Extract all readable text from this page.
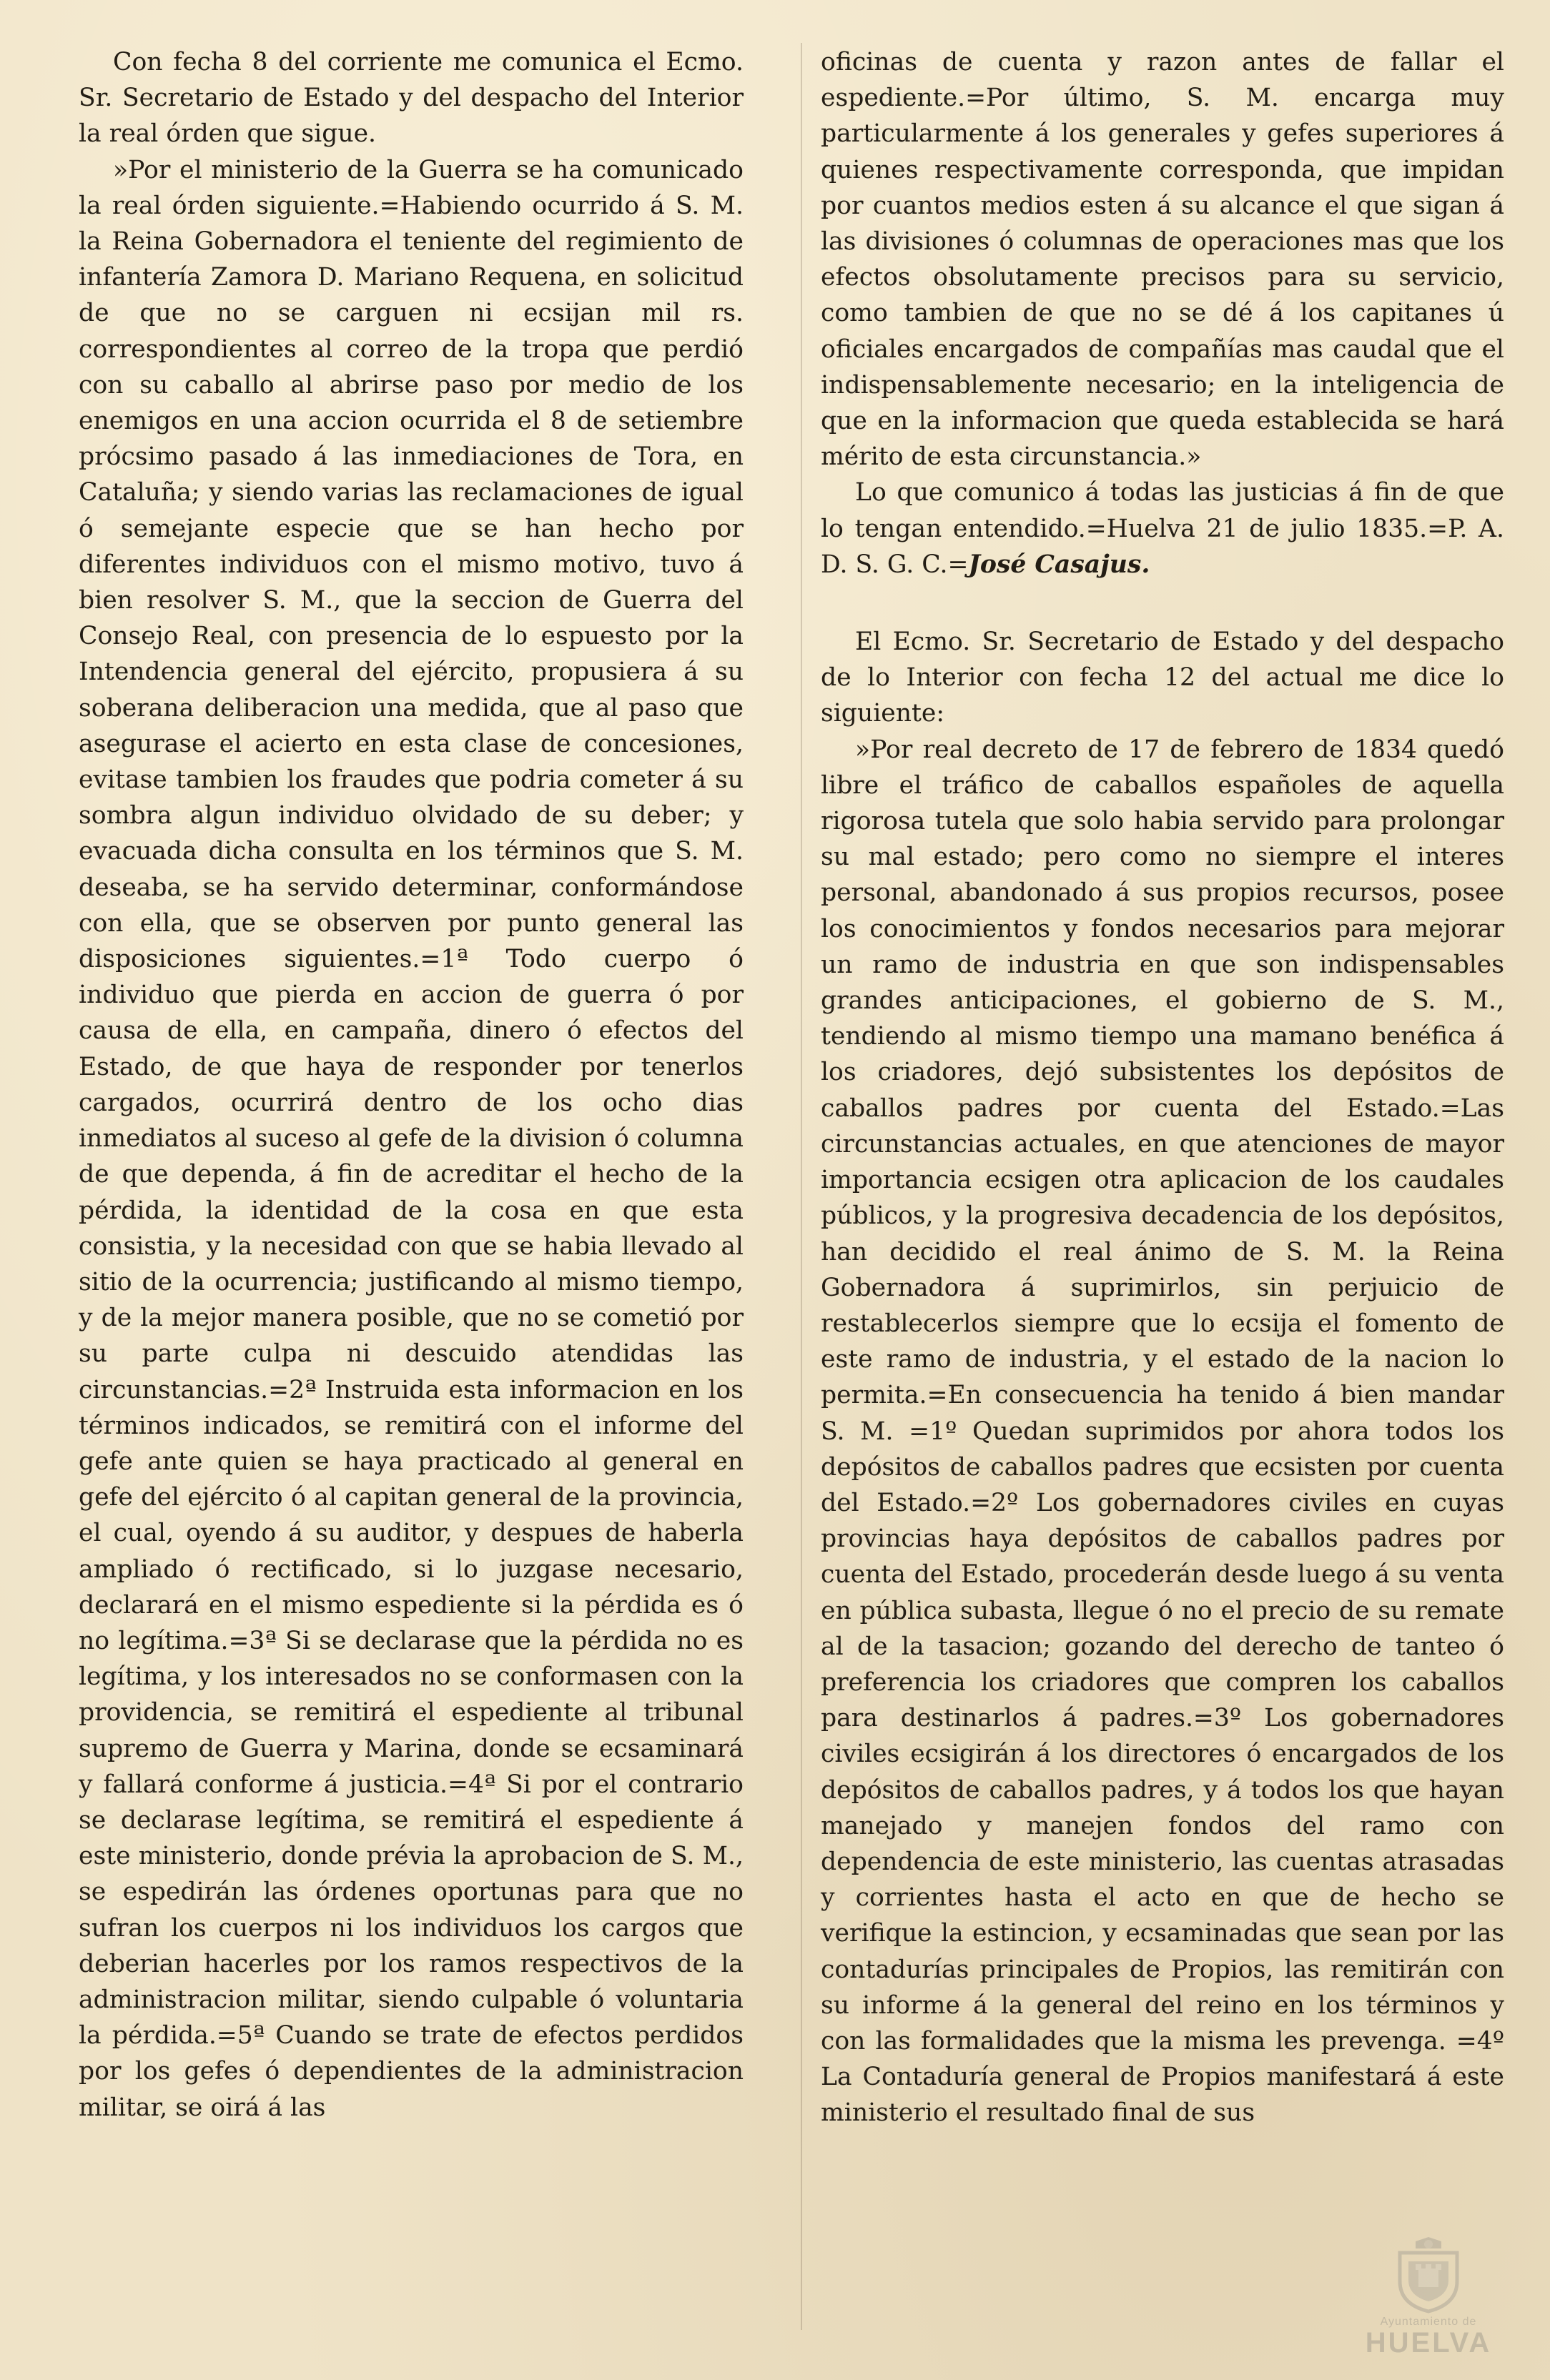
Con fecha 8 del corriente me comunica el Ecmo. Sr. Secretario de Estado y del despacho del Interior la real órden que sigue.

»Por el ministerio de la Guerra se ha comunicado la real órden siguiente.=Habiendo ocurrido á S. M. la Reina Gobernadora el teniente del regimiento de infantería Zamora D. Mariano Requena, en solicitud de que no se carguen ni ecsijan mil rs. correspondientes al correo de la tropa que perdió con su caballo al abrirse paso por medio de los enemigos en una accion ocurrida el 8 de setiembre prócsimo pasado á las inmediaciones de Tora, en Cataluña; y siendo varias las reclamaciones de igual ó semejante especie que se han hecho por diferentes individuos con el mismo motivo, tuvo á bien resolver S. M., que la seccion de Guerra del Consejo Real, con presencia de lo espuesto por la Intendencia general del ejército, propusiera á su soberana deliberacion una medida, que al paso que asegurase el acierto en esta clase de concesiones, evitase tambien los fraudes que podria cometer á su sombra algun individuo olvidado de su deber; y evacuada dicha consulta en los términos que S. M. deseaba, se ha servido determinar, conformándose con ella, que se observen por punto general las disposiciones siguientes.=1ª Todo cuerpo ó individuo que pierda en accion de guerra ó por causa de ella, en campaña, dinero ó efectos del Estado, de que haya de responder por tenerlos cargados, ocurrirá dentro de los ocho dias inmediatos al suceso al gefe de la division ó columna de que dependa, á fin de acreditar el hecho de la pérdida, la identidad de la cosa en que esta consistia, y la necesidad con que se habia llevado al sitio de la ocurrencia; justificando al mismo tiempo, y de la mejor manera posible, que no se cometió por su parte culpa ni descuido atendidas las circunstancias.=2ª Instruida esta informacion en los términos indicados, se remitirá con el informe del gefe ante quien se haya practicado al general en gefe del ejército ó al capitan general de la provincia, el cual, oyendo á su auditor, y despues de haberla ampliado ó rectificado, si lo juzgase necesario, declarará en el mismo espediente si la pérdida es ó no legítima.=3ª Si se declarase que la pérdida no es legítima, y los interesados no se conformasen con la providencia, se remitirá el espediente al tribunal supremo de Guerra y Marina, donde se ecsaminará y fallará conforme á justicia.=4ª Si por el contrario se declarase legítima, se remitirá el espediente á este ministerio, donde prévia la aprobacion de S. M., se espedirán las órdenes oportunas para que no sufran los cuerpos ni los individuos los cargos que deberian hacerles por los ramos respectivos de la administracion militar, siendo culpable ó voluntaria la pérdida.=5ª Cuando se trate de efectos perdidos por los gefes ó dependientes de la administracion militar, se oirá á las

oficinas de cuenta y razon antes de fallar el espediente.=Por último, S. M. encarga muy particularmente á los generales y gefes superiores á quienes respectivamente corresponda, que impidan por cuantos medios esten á su alcance el que sigan á las divisiones ó columnas de operaciones mas que los efectos obsolutamente precisos para su servicio, como tambien de que no se dé á los capitanes ú oficiales encargados de compañías mas caudal que el indispensablemente necesario; en la inteligencia de que en la informacion que queda establecida se hará mérito de esta circunstancia.»

Lo que comunico á todas las justicias á fin de que lo tengan entendido.=Huelva 21 de julio 1835.=P. A. D. S. G. C.=José Casajus.

El Ecmo. Sr. Secretario de Estado y del despacho de lo Interior con fecha 12 del actual me dice lo siguiente:

»Por real decreto de 17 de febrero de 1834 quedó libre el tráfico de caballos españoles de aquella rigorosa tutela que solo habia servido para prolongar su mal estado; pero como no siempre el interes personal, abandonado á sus propios recursos, posee los conocimientos y fondos necesarios para mejorar un ramo de industria en que son indispensables grandes anticipaciones, el gobierno de S. M., tendiendo al mismo tiempo una mamano benéfica á los criadores, dejó subsistentes los depósitos de caballos padres por cuenta del Estado.=Las circunstancias actuales, en que atenciones de mayor importancia ecsigen otra aplicacion de los caudales públicos, y la progresiva decadencia de los depósitos, han decidido el real ánimo de S. M. la Reina Gobernadora á suprimirlos, sin perjuicio de restablecerlos siempre que lo ecsija el fomento de este ramo de industria, y el estado de la nacion lo permita.=En consecuencia ha tenido á bien mandar S. M. =1º Quedan suprimidos por ahora todos los depósitos de caballos padres que ecsisten por cuenta del Estado.=2º Los gobernadores civiles en cuyas provincias haya depósitos de caballos padres por cuenta del Estado, procederán desde luego á su venta en pública subasta, llegue ó no el precio de su remate al de la tasacion; gozando del derecho de tanteo ó preferencia los criadores que compren los caballos para destinarlos á padres.=3º Los gobernadores civiles ecsigirán á los directores ó encargados de los depósitos de caballos padres, y á todos los que hayan manejado y manejen fondos del ramo con dependencia de este ministerio, las cuentas atrasadas y corrientes hasta el acto en que de hecho se verifique la estincion, y ecsaminadas que sean por las contadurías principales de Propios, las remitirán con su informe á la general del reino en los términos y con las formalidades que la misma les prevenga. =4º La Contaduría general de Propios manifestará á este ministerio el resultado final de sus

Ayuntamiento de
HUELVA
